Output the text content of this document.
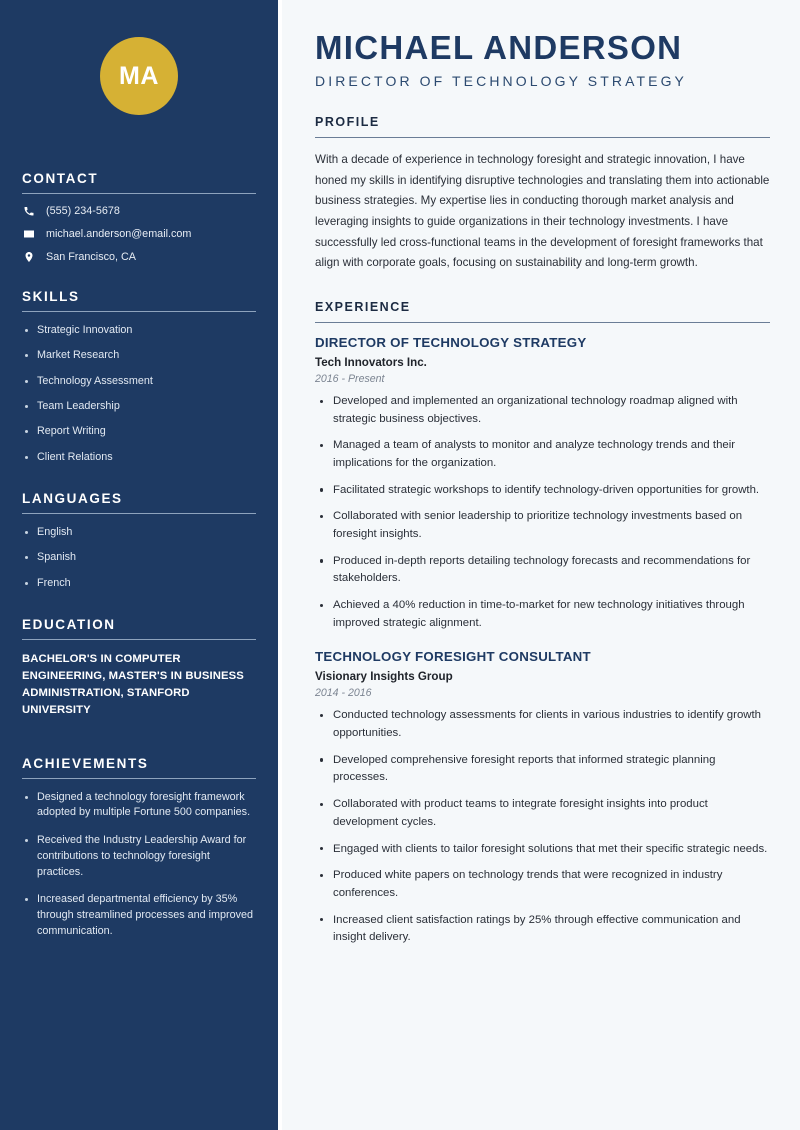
MA
CONTACT
(555) 234-5678
michael.anderson@email.com
San Francisco, CA
SKILLS
Strategic Innovation
Market Research
Technology Assessment
Team Leadership
Report Writing
Client Relations
LANGUAGES
English
Spanish
French
EDUCATION
BACHELOR'S IN COMPUTER ENGINEERING, MASTER'S IN BUSINESS ADMINISTRATION, STANFORD UNIVERSITY
ACHIEVEMENTS
Designed a technology foresight framework adopted by multiple Fortune 500 companies.
Received the Industry Leadership Award for contributions to technology foresight practices.
Increased departmental efficiency by 35% through streamlined processes and improved communication.
MICHAEL ANDERSON
DIRECTOR OF TECHNOLOGY STRATEGY
PROFILE

With a decade of experience in technology foresight and strategic innovation, I have honed my skills in identifying disruptive technologies and translating them into actionable business strategies. My expertise lies in conducting thorough market analysis and leveraging insights to guide organizations in their technology investments. I have successfully led cross-functional teams in the development of foresight frameworks that align with corporate goals, focusing on sustainability and long-term growth.

EXPERIENCE
DIRECTOR OF TECHNOLOGY STRATEGY
Tech Innovators Inc.
2016 - Present
Developed and implemented an organizational technology roadmap aligned with strategic business objectives.
Managed a team of analysts to monitor and analyze technology trends and their implications for the organization.
Facilitated strategic workshops to identify technology-driven opportunities for growth.
Collaborated with senior leadership to prioritize technology investments based on foresight insights.
Produced in-depth reports detailing technology forecasts and recommendations for stakeholders.
Achieved a 40% reduction in time-to-market for new technology initiatives through improved strategic alignment.
TECHNOLOGY FORESIGHT CONSULTANT
Visionary Insights Group
2014 - 2016
Conducted technology assessments for clients in various industries to identify growth opportunities.
Developed comprehensive foresight reports that informed strategic planning processes.
Collaborated with product teams to integrate foresight insights into product development cycles.
Engaged with clients to tailor foresight solutions that met their specific strategic needs.
Produced white papers on technology trends that were recognized in industry conferences.
Increased client satisfaction ratings by 25% through effective communication and insight delivery.
